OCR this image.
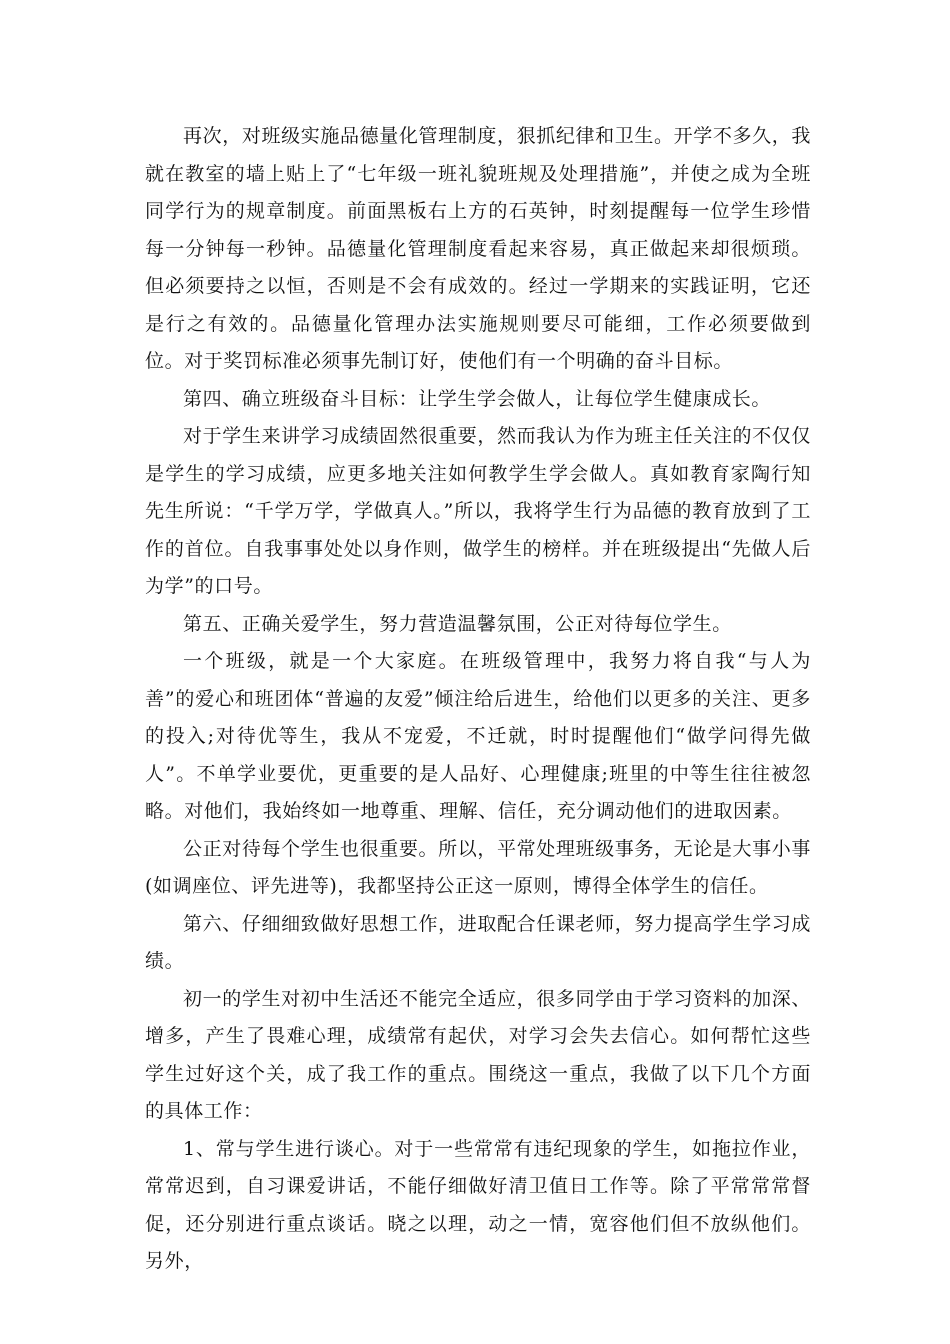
再次，对班级实施品德量化管理制度，狠抓纪律和卫生。开学不多久，我就在教室的墙上贴上了“七年级一班礼貌班规及处理措施”，并使之成为全班同学行为的规章制度。前面黑板右上方的石英钟，时刻提醒每一位学生珍惜每一分钟每一秒钟。品德量化管理制度看起来容易，真正做起来却很烦琐。但必须要持之以恒，否则是不会有成效的。经过一学期来的实践证明，它还是行之有效的。品德量化管理办法实施规则要尽可能细，工作必须要做到位。对于奖罚标准必须事先制订好，使他们有一个明确的奋斗目标。

第四、确立班级奋斗目标：让学生学会做人，让每位学生健康成长。

对于学生来讲学习成绩固然很重要，然而我认为作为班主任关注的不仅仅是学生的学习成绩，应更多地关注如何教学生学会做人。真如教育家陶行知先生所说：“千学万学，学做真人。”所以，我将学生行为品德的教育放到了工作的首位。自我事事处处以身作则，做学生的榜样。并在班级提出“先做人后为学”的口号。

第五、正确关爱学生，努力营造温馨氛围，公正对待每位学生。

一个班级，就是一个大家庭。在班级管理中，我努力将自我“与人为善”的爱心和班团体“普遍的友爱”倾注给后进生，给他们以更多的关注、更多的投入;对待优等生，我从不宠爱，不迁就，时时提醒他们“做学问得先做人”。不单学业要优，更重要的是人品好、心理健康;班里的中等生往往被忽略。对他们，我始终如一地尊重、理解、信任，充分调动他们的进取因素。

公正对待每个学生也很重要。所以，平常处理班级事务，无论是大事小事(如调座位、评先进等)，我都坚持公正这一原则，博得全体学生的信任。

第六、仔细细致做好思想工作，进取配合任课老师，努力提高学生学习成绩。

初一的学生对初中生活还不能完全适应，很多同学由于学习资料的加深、增多，产生了畏难心理，成绩常有起伏，对学习会失去信心。如何帮忙这些学生过好这个关，成了我工作的重点。围绕这一重点，我做了以下几个方面的具体工作：

1、常与学生进行谈心。对于一些常常有违纪现象的学生，如拖拉作业，常常迟到，自习课爱讲话，不能仔细做好清卫值日工作等。除了平常常常督促，还分别进行重点谈话。晓之以理，动之一情，宽容他们但不放纵他们。另外，
